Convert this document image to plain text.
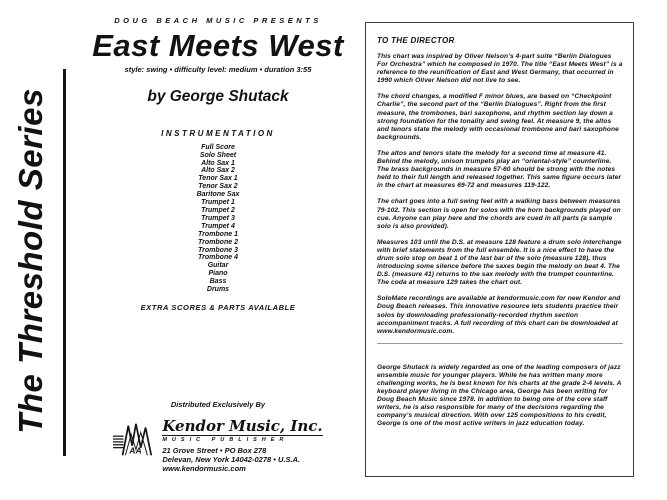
The Threshold Series
DOUG BEACH MUSIC PRESENTS
East Meets West
style: swing • difficulty level: medium • duration 3:55
by George Shutack
INSTRUMENTATION
Full Score
Solo Sheet
Alto Sax 1
Alto Sax 2
Tenor Sax 1
Tenor Sax 2
Baritone Sax
Trumpet 1
Trumpet 2
Trumpet 3
Trumpet 4
Trombone 1
Trombone 2
Trombone 3
Trombone 4
Guitar
Piano
Bass
Drums
EXTRA SCORES & PARTS AVAILABLE
Distributed Exclusively By
AA
Kendor Music, Inc.
MUSIC PUBLISHER
21 Grove Street • PO Box 278
Delevan, New York 14042-0278 • U.S.A.
www.kendormusic.com
TO THE DIRECTOR

This chart was inspired by Oliver Nelson’s 4-part suite “Berlin Dialogues For Orchestra” which he composed in 1970. The title “East Meets West” is a reference to the reunification of East and West Germany, that occurred in 1990 which Oliver Nelson did not live to see.

The chord changes, a modified F minor blues, are based on “Checkpoint Charlie”, the second part of the “Berlin Dialogues”. Right from the first measure, the trombones, bari saxophone, and rhythm section lay down a strong foundation for the tonality and swing feel. At measure 9, the altos and tenors state the melody with occasional trombone and bari saxophone backgrounds.

The altos and tenors state the melody for a second time at measure 41. Behind the melody, unison trumpets play an “oriental-style” counterline. The brass backgrounds in measure 57-60 should be strong with the notes held to their full length and released together. This same figure occurs later in the chart at measures 69-72 and measures 119-122.

The chart goes into a full swing feel with a walking bass between measures 79-102. This section is open for solos with the horn backgrounds played on cue. Anyone can play here and the chords are cued in all parts (a sample solo is also provided).

Measures 103 until the D.S. at measure 128 feature a drum solo interchange with brief statements from the full ensemble. It is a nice effect to have the drum solo stop on beat 1 of the last bar of the solo (measure 128), thus introducing some silence before the saxes begin the melody on beat 4. The D.S. (measure 41) returns to the sax melody with the trumpet counterline. The coda at measure 129 takes the chart out.

SoloMate recordings are available at kendormusic.com for new Kendor and Doug Beach releases. This innovative resource lets students practice their solos by downloading professionally-recorded rhythm section accompaniment tracks. A full recording of this chart can be downloaded at www.kendormusic.com.

George Shutack is widely regarded as one of the leading composers of jazz ensemble music for younger players. While he has written many more challenging works, he is best known for his charts at the grade 2-4 levels. A keyboard player living in the Chicago area, George has been writing for Doug Beach Music since 1978. In addition to being one of the core staff writers, he is also responsible for many of the decisions regarding the company’s musical direction. With over 125 compositions to his credit, George is one of the most active writers in jazz education today.
